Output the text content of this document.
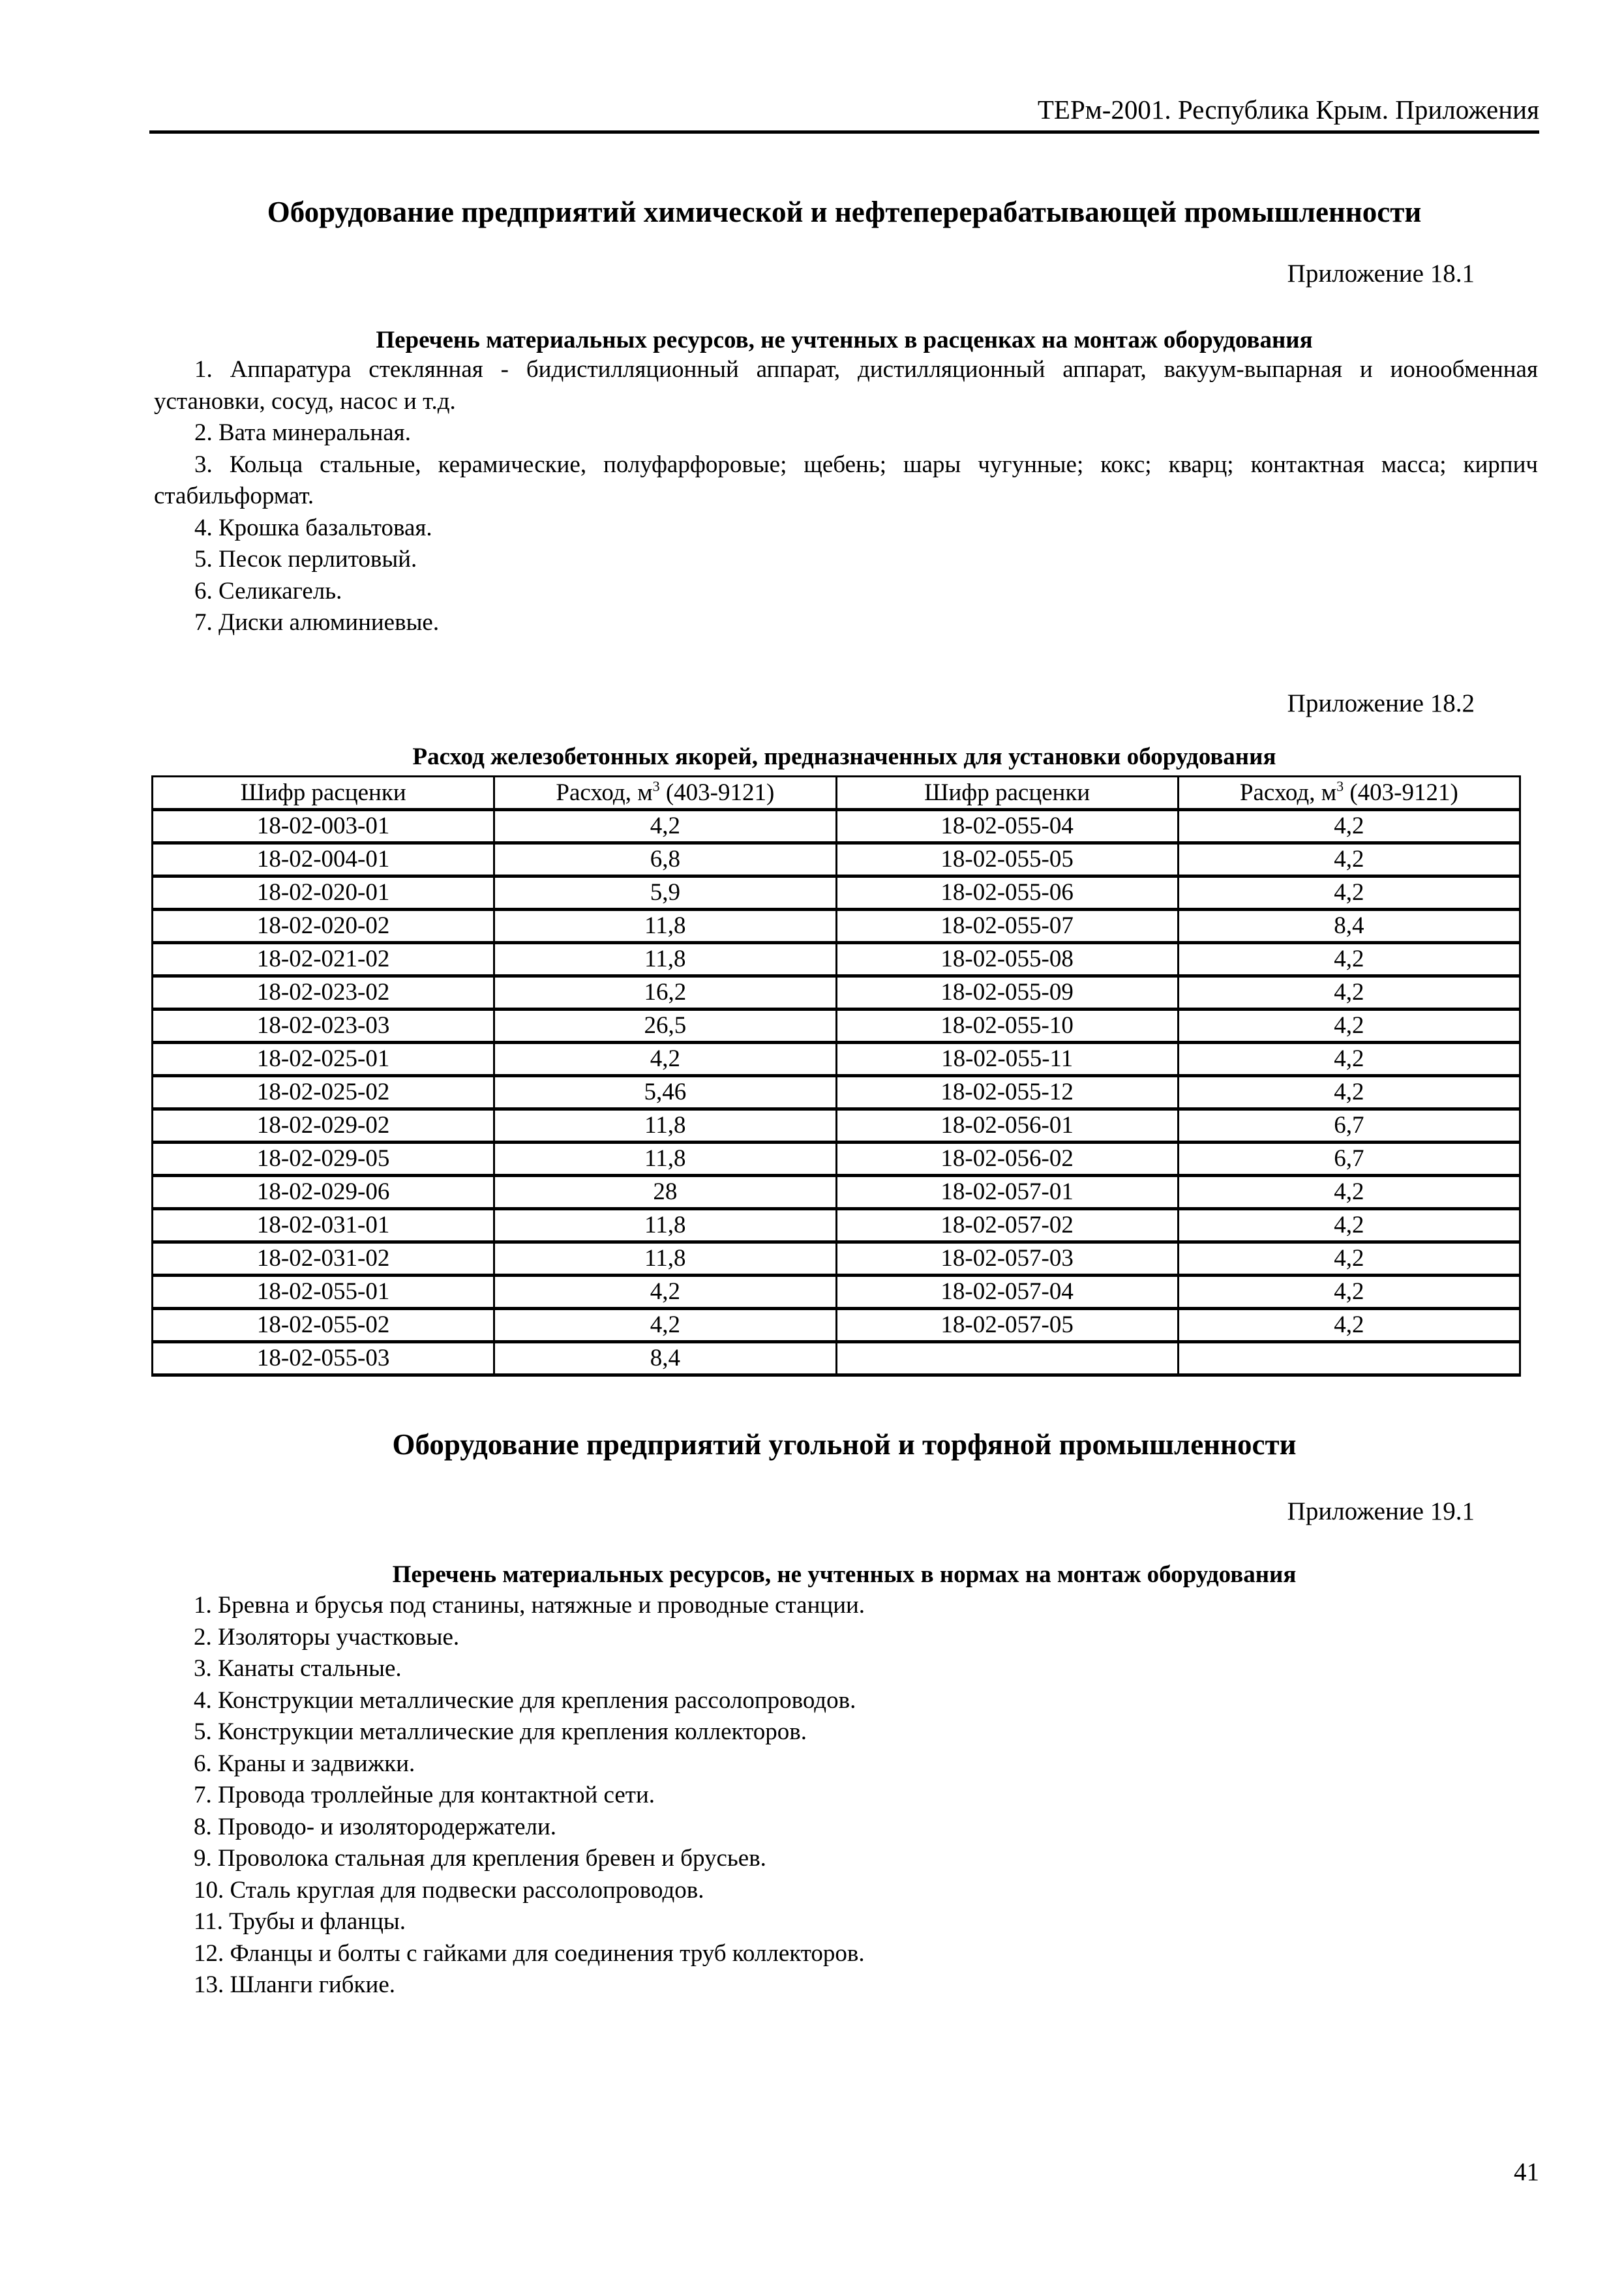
ТЕРм-2001. Республика Крым. Приложения
Оборудование предприятий химической и нефтеперерабатывающей промышленности
Приложение 18.1
Перечень материальных ресурсов, не учтенных в расценках на монтаж оборудования
1. Аппаратура стеклянная - бидистилляционный аппарат, дистилляционный аппарат, вакуум-выпарная и ионообменная установки, сосуд, насос и т.д.
2. Вата минеральная.
3. Кольца стальные, керамические, полуфарфоровые; щебень; шары чугунные; кокс; кварц; контактная масса; кирпич стабильформат.
4. Крошка базальтовая.
5. Песок перлитовый.
6. Селикагель.
7. Диски алюминиевые.
Приложение 18.2
Расход железобетонных якорей, предназначенных для установки оборудования
Шифр расценки	Расход, $м^3$ (403-9121)	Шифр расценки	Расход, $м^3$ (403-9121)
18-02-003-01	4,2	18-02-055-04	4,2
18-02-004-01	6,8	18-02-055-05	4,2
18-02-020-01	5,9	18-02-055-06	4,2
18-02-020-02	11,8	18-02-055-07	8,4
18-02-021-02	11,8	18-02-055-08	4,2
18-02-023-02	16,2	18-02-055-09	4,2
18-02-023-03	26,5	18-02-055-10	4,2
18-02-025-01	4,2	18-02-055-11	4,2
18-02-025-02	5,46	18-02-055-12	4,2
18-02-029-02	11,8	18-02-056-01	6,7
18-02-029-05	11,8	18-02-056-02	6,7
18-02-029-06	28	18-02-057-01	4,2
18-02-031-01	11,8	18-02-057-02	4,2
18-02-031-02	11,8	18-02-057-03	4,2
18-02-055-01	4,2	18-02-057-04	4,2
18-02-055-02	4,2	18-02-057-05	4,2
18-02-055-03	8,4		
Оборудование предприятий угольной и торфяной промышленности
Приложение 19.1
Перечень материальных ресурсов, не учтенных в нормах на монтаж оборудования
1. Бревна и брусья под станины, натяжные и проводные станции.
2. Изоляторы участковые.
3. Канаты стальные.
4. Конструкции металлические для крепления рассолопроводов.
5. Конструкции металлические для крепления коллекторов.
6. Краны и задвижки.
7. Провода троллейные для контактной сети.
8. Проводо- и изолятородержатели.
9. Проволока стальная для крепления бревен и брусьев.
10. Сталь круглая для подвески рассолопроводов.
11. Трубы и фланцы.
12. Фланцы и болты с гайками для соединения труб коллекторов.
13. Шланги гибкие.
41
